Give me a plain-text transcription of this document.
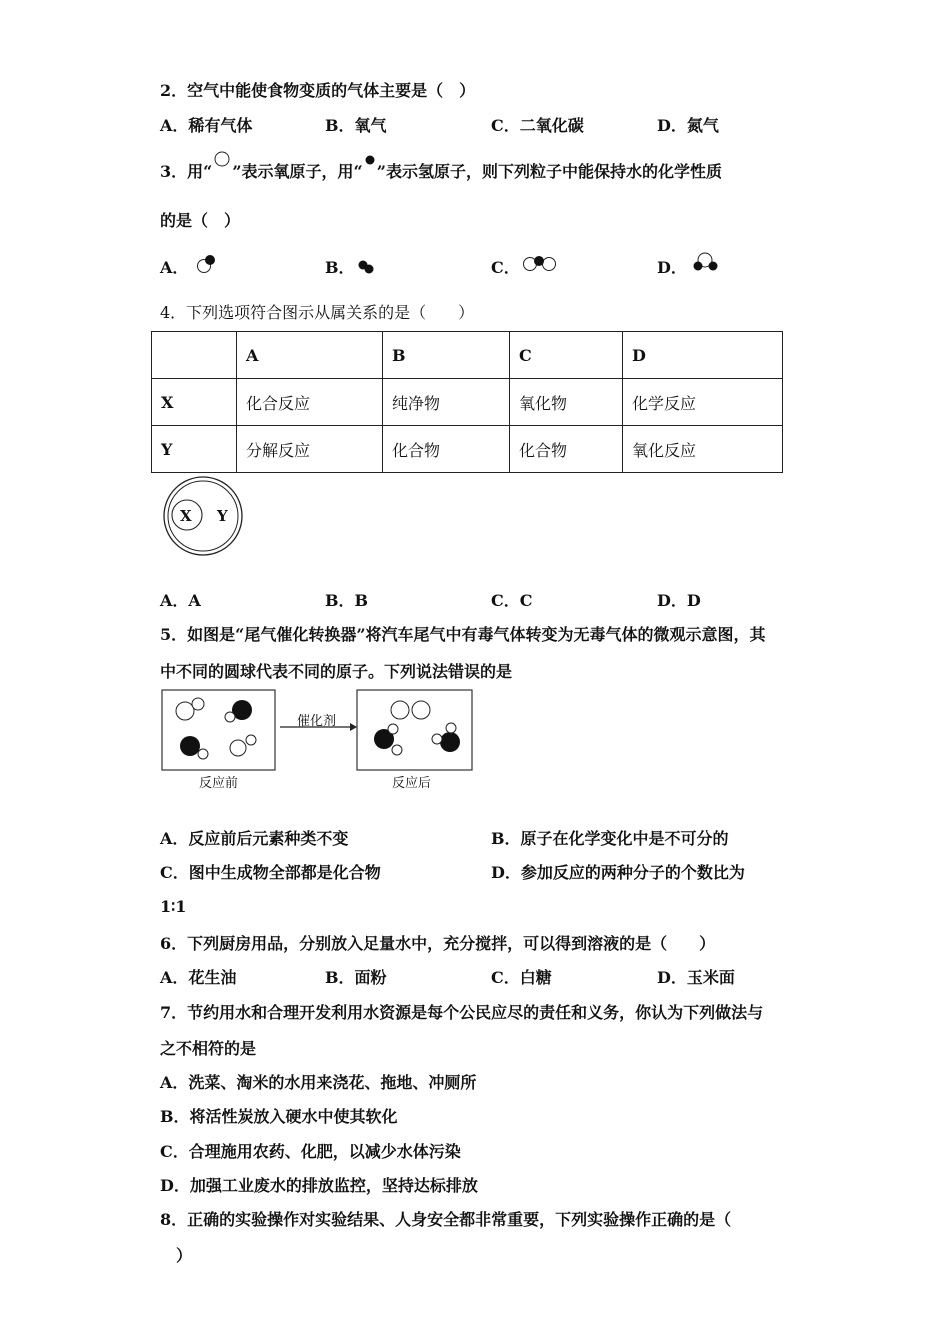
2．空气中能使食物变质的气体主要是（　）
A．稀有气体	B．氧气	C．二氧化碳	D．氮气
3．用“ ”表示氧原子，用“ ”表示氢原子，则下列粒子中能保持水的化学性质
的是（　）
A．	B．	C．	D．
4．下列选项符合图示从属关系的是（　　）
	A	B	C	D
X	化合反应	纯净物	氧化物	化学反应
Y	分解反应	化合物	化合物	氧化反应
X Y
A．A	B．B	C．C	D．D
5．如图是“尾气催化转换器”将汽车尾气中有毒气体转变为无毒气体的微观示意图，其
中不同的圆球代表不同的原子。下列说法错误的是
催化剂
反应前	反应后
A．反应前后元素种类不变	B．原子在化学变化中是不可分的
C．图中生成物全部都是化合物	D．参加反应的两种分子的个数比为
1∶1
6．下列厨房用品，分别放入足量水中，充分搅拌，可以得到溶液的是（　　）
A．花生油	B．面粉	C．白糖	D．玉米面
7．节约用水和合理开发利用水资源是每个公民应尽的责任和义务，你认为下列做法与
之不相符的是
A．洗菜、淘米的水用来浇花、拖地、冲厕所
B．将活性炭放入硬水中使其软化
C．合理施用农药、化肥，以减少水体污染
D．加强工业废水的排放监控，坚持达标排放
8．正确的实验操作对实验结果、人身安全都非常重要，下列实验操作正确的是（
）
